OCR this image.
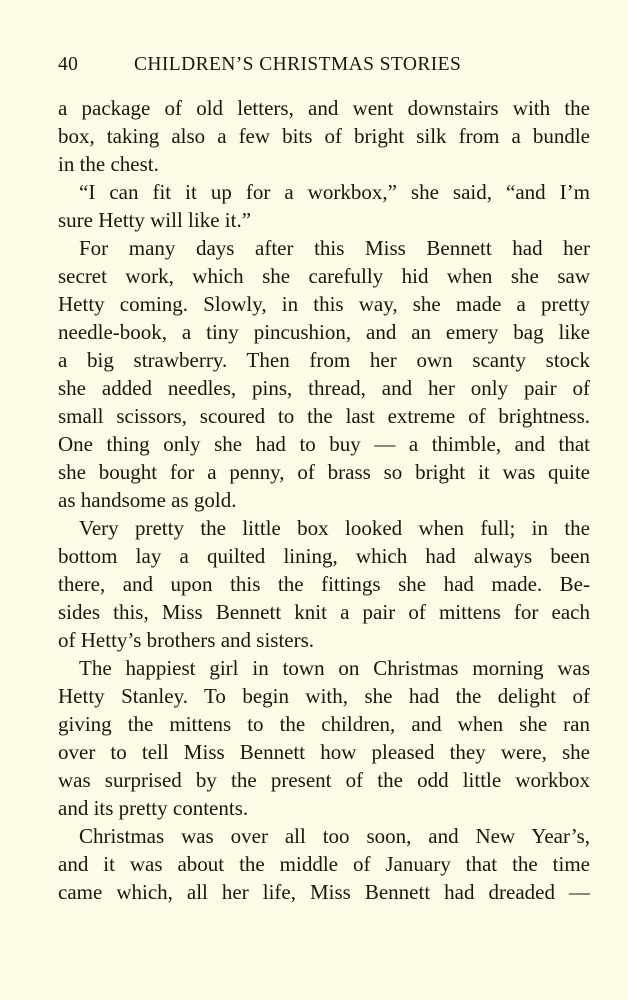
40	CHILDREN’S CHRISTMAS STORIES

a package of old letters, and went downstairs with the
box, taking also a few bits of bright silk from a bundle
in the chest.

“I can fit it up for a workbox,” she said, “and I’m
sure Hetty will like it.”

For many days after this Miss Bennett had her
secret work, which she carefully hid when she saw
Hetty coming. Slowly, in this way, she made a pretty
needle-book, a tiny pincushion, and an emery bag like
a big strawberry. Then from her own scanty stock
she added needles, pins, thread, and her only pair of
small scissors, scoured to the last extreme of brightness.
One thing only she had to buy — a thimble, and that
she bought for a penny, of brass so bright it was quite
as handsome as gold.

Very pretty the little box looked when full; in the
bottom lay a quilted lining, which had always been
there, and upon this the fittings she had made. Be-
sides this, Miss Bennett knit a pair of mittens for each
of Hetty’s brothers and sisters.

The happiest girl in town on Christmas morning was
Hetty Stanley. To begin with, she had the delight of
giving the mittens to the children, and when she ran
over to tell Miss Bennett how pleased they were, she
was surprised by the present of the odd little workbox
and its pretty contents.

Christmas was over all too soon, and New Year’s,
and it was about the middle of January that the time
came which, all her life, Miss Bennett had dreaded —
